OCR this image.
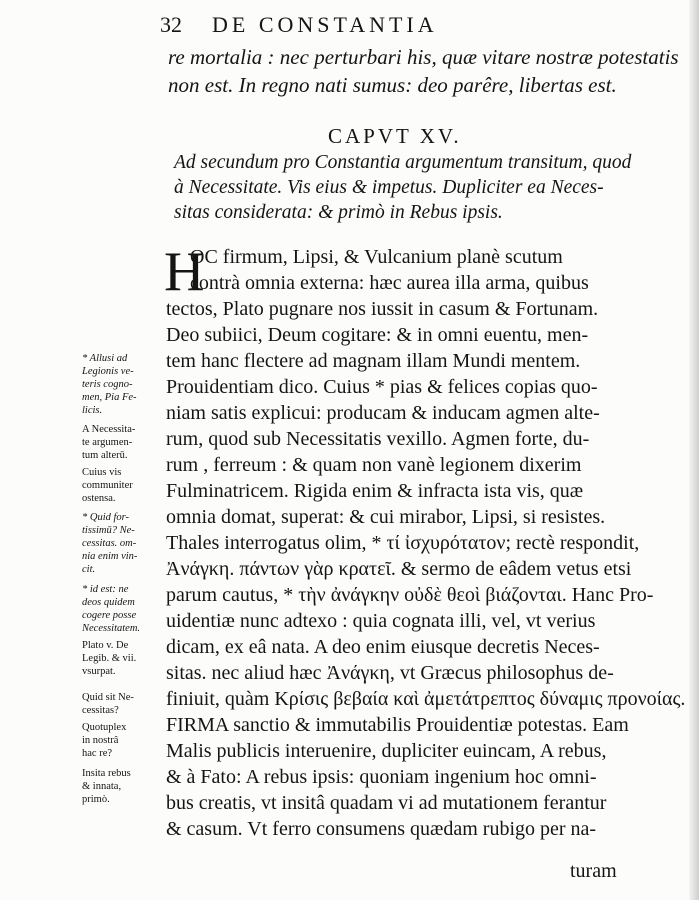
32 DE CONSTANTIA
re mortalia : nec perturbari his, quæ vitare nostræ potestatis
non est. In regno nati sumus: deo parêre, libertas est.
CAPVT XV.
Ad secundum pro Constantia argumentum transitum, quod
à Necessitate. Vis eius & impetus. Dupliciter ea Neces-
sitas considerata: & primò in Rebus ipsis.
H
OC firmum, Lipsi, & Vulcanium planè scutum
contrà omnia externa: hæc aurea illa arma, quibus
tectos, Plato pugnare nos iussit in casum & Fortunam.
Deo subiici, Deum cogitare: & in omni euentu, men-
tem hanc flectere ad magnam illam Mundi mentem.
Prouidentiam dico. Cuius * pias & felices copias quo-
niam satis explicui: producam & inducam agmen alte-
rum, quod sub Necessitatis vexillo. Agmen forte, du-
rum , ferreum : & quam non vanè legionem dixerim
Fulminatricem. Rigida enim & infracta ista vis, quæ
omnia domat, superat: & cui mirabor, Lipsi, si resistes.
Thales interrogatus olim, * τί ἰσχυρότατον; rectè respondit,
Ἀνάγκη. πάντων γὰρ κρατεῖ. & sermo de eâdem vetus etsi
parum cautus, * τὴν ἀνάγκην οὐδὲ θεοὶ βιάζονται. Hanc Pro-
uidentiæ nunc adtexo : quia cognata illi, vel, vt verius
dicam, ex eâ nata. A deo enim eiusque decretis Neces-
sitas. nec aliud hæc Ἀνάγκη, vt Græcus philosophus de-
finiuit, quàm Κρίσις βεβαία καὶ ἀμετάτρεπτος δύναμις προνοίας.
FIRMA sanctio & immutabilis Prouidentiæ potestas. Eam
Malis publicis interuenire, dupliciter euincam, A rebus,
& à Fato: A rebus ipsis: quoniam ingenium hoc omni-
bus creatis, vt insitâ quadam vi ad mutationem ferantur
& casum. Vt ferro consumens quædam rubigo per na-
turam
* Allusi ad
Legionis ve-
teris cogno-
men, Pia Fe-
licis.
A Necessita-
te argumen-
tum alterū.
Cuius vis
communiter
ostensa.
* Quid for-
tissimū? Ne-
cessitas. om-
nia enim vin-
cit.
* id est: ne
deos quidem
cogere posse
Necessitatem.
Plato v. De
Legib. & vii.
vsurpat.
Quid sit Ne-
cessitas?
Quotuplex
in nostrâ
hac re?
Insita rebus
& innata,
primò.
